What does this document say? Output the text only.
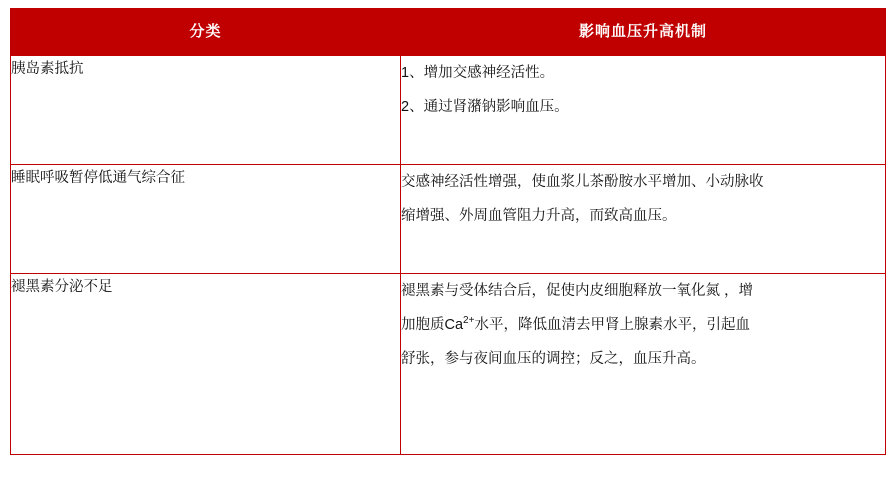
分类	影响血压升高机制

胰岛素抵抗	1、增加交感神经活性。
2、通过肾潴钠影响血压。

睡眠呼吸暂停低通气综合征	交感神经活性增强，使血浆儿茶酚胺水平增加、小动脉收
缩增强、外周血管阻力升高，而致高血压。

褪黑素分泌不足	褪黑素与受体结合后，促使内皮细胞释放一氧化氮 ，增
加胞质$Ca^{2+}$水平，降低血清去甲肾上腺素水平，引起血
舒张，参与夜间血压的调控；反之，血压升高。
